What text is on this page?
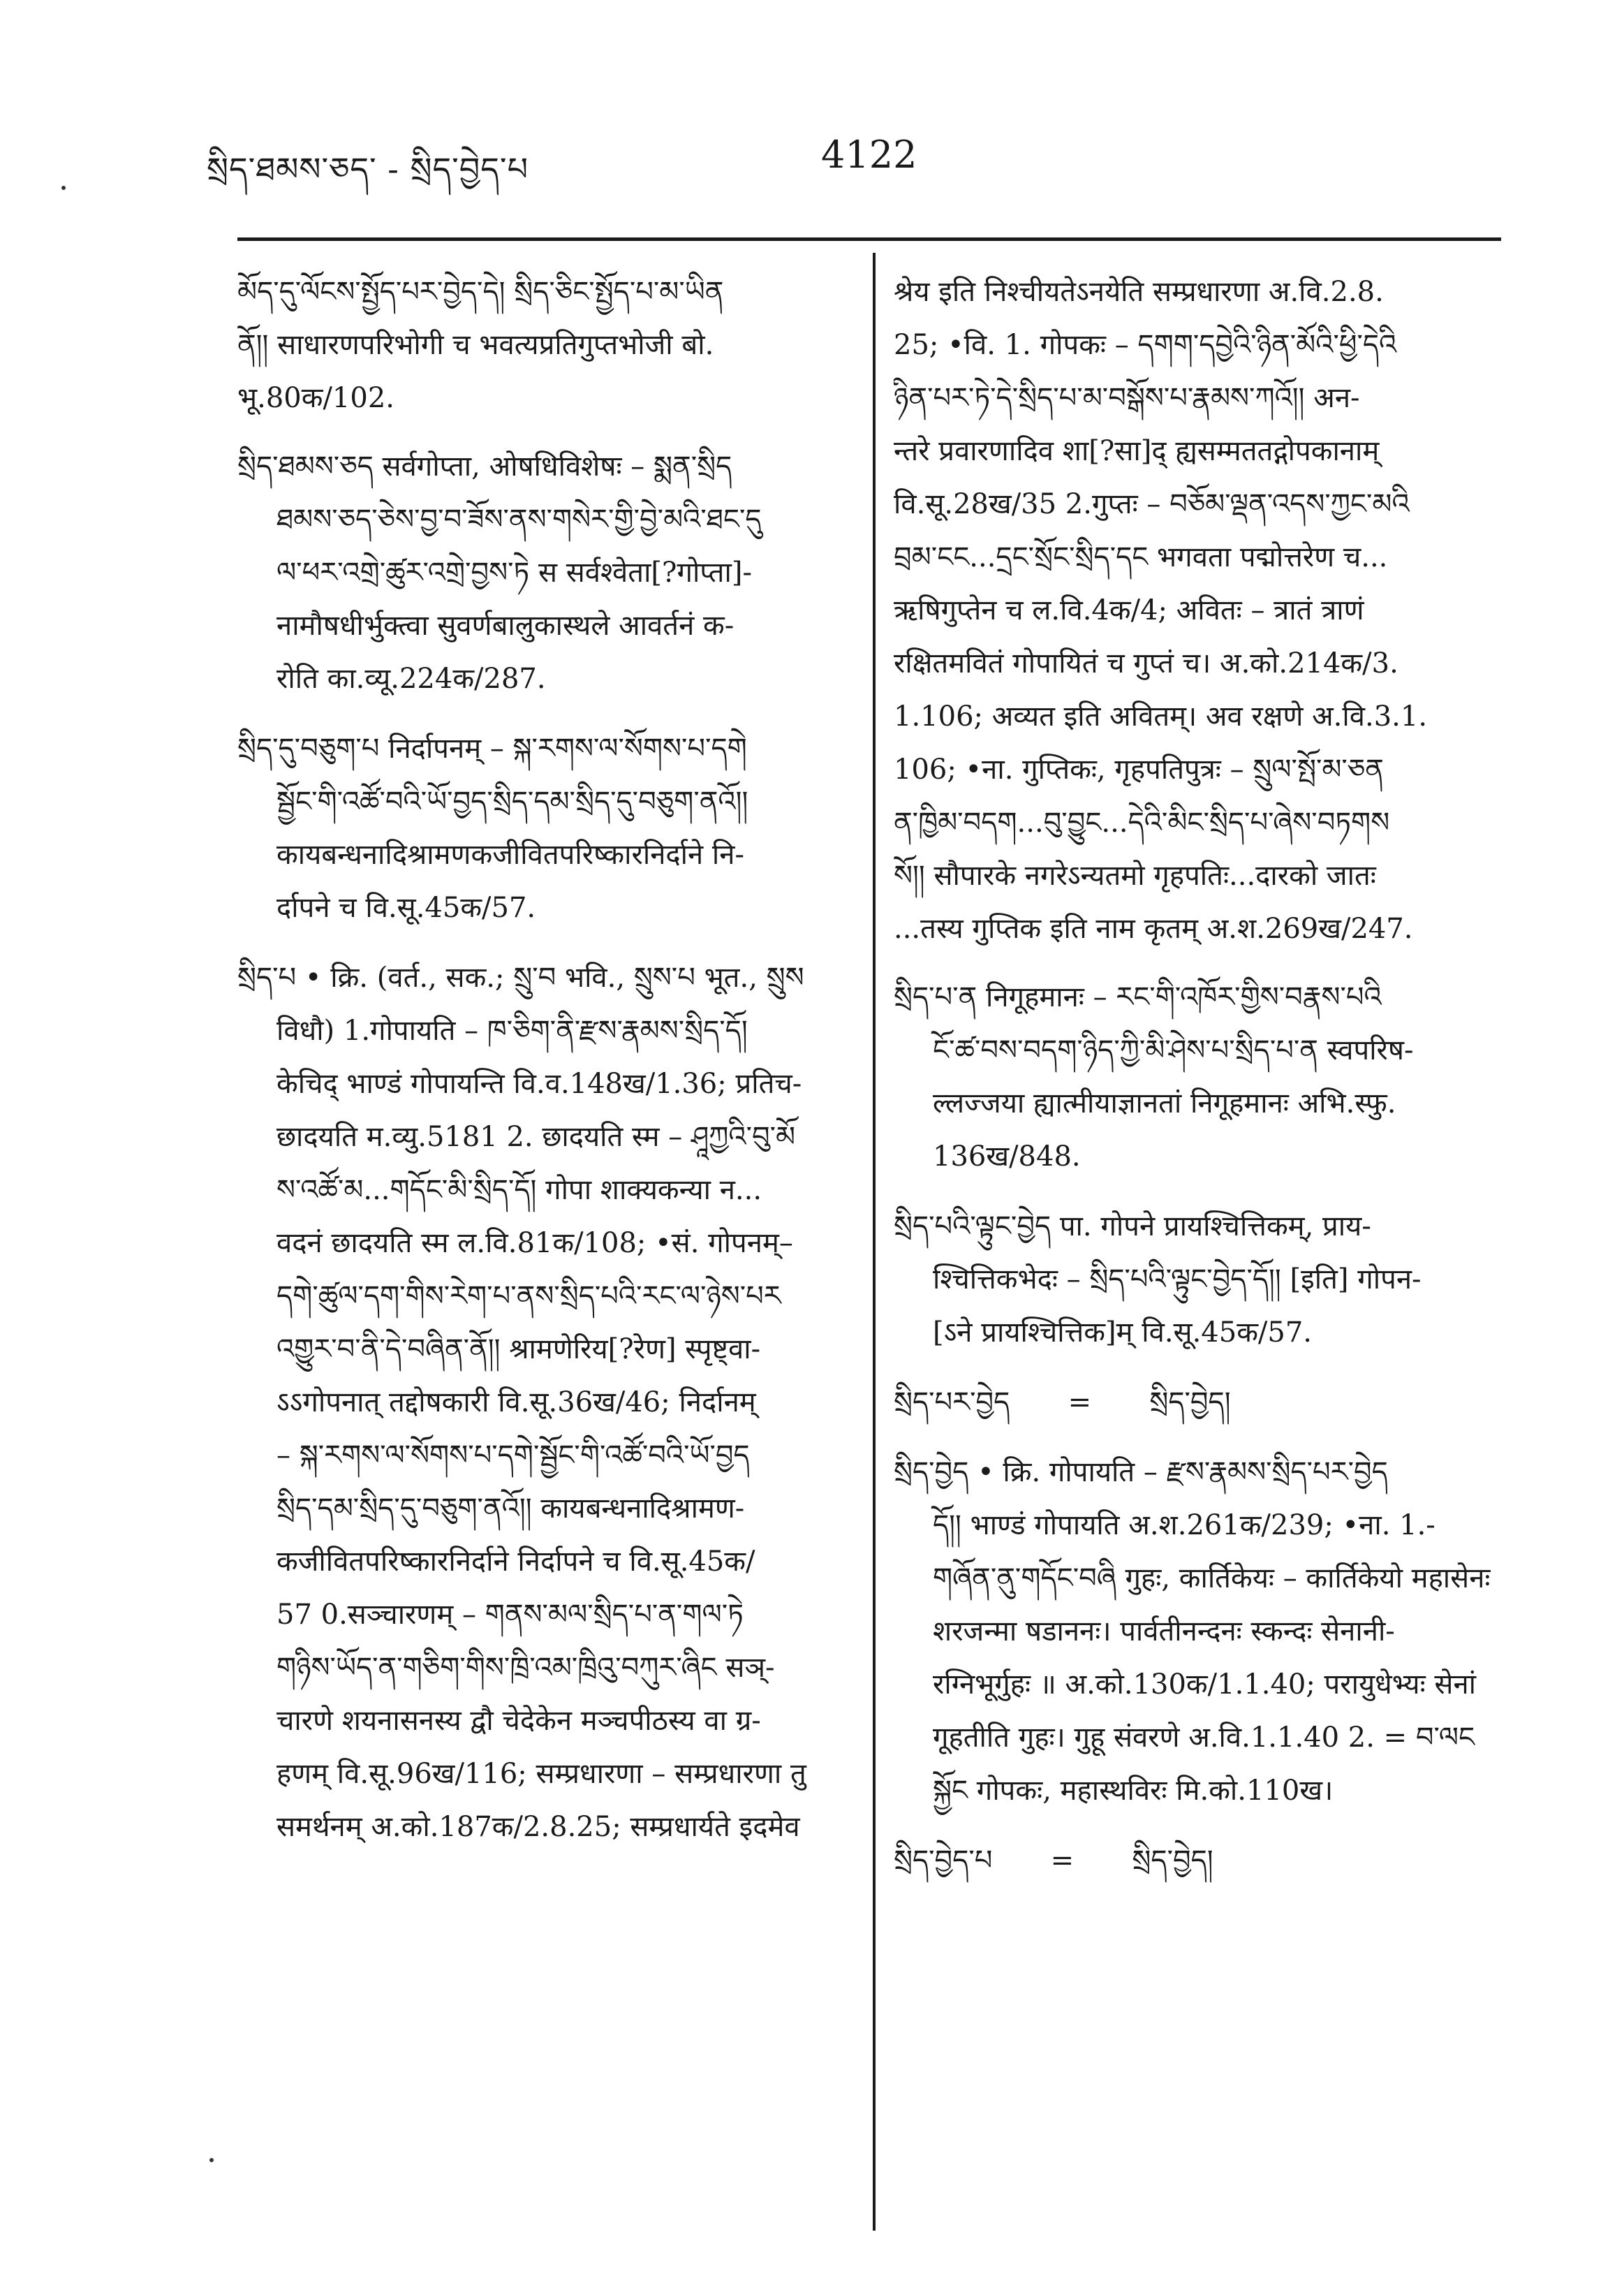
སྲིད་ཐམས་ཅད་ - སྲིད་བྱེད་པ	4122
མོད་དུ་ལོངས་སྤྱོད་པར་བྱེད་དེ། སྲིད་ཅིང་སྤྱོད་པ་མ་ཡིན
ནོ།། साधारणपरिभोगी च भवत्यप्रतिगुप्तभोजी बो.
भू.80क/102.
སྲིད་ཐམས་ཅད सर्वगोप्ता, ओषधिविशेषः – སྨན་སྲིད
ཐམས་ཅད་ཅེས་བྱ་བ་ཟོས་ནས་གསེར་གྱི་བྱེ་མའི་ཐང་དུ
ལ་ཕར་འགྲེ་ཚུར་འགྲེ་བྱས་ཏེ स सर्वश्वेता[?गोप्ता]-
नामौषधीर्भुक्त्वा सुवर्णबालुकास्थले आवर्तनं क-
रोति का.व्यू.224क/287.
སྲིད་དུ་བཅུག་པ निर्दापनम् – སྐ་རགས་ལ་སོགས་པ་དགེ
སྦྱོང་གི་འཚོ་བའི་ཡོ་བྱད་སྲིད་དམ་སྲིད་དུ་བཅུག་ནའོ།།
कायबन्धनादिश्रामणकजीवितपरिष्कारनिर्दाने नि-
र्दापने च वि.सू.45क/57.
སྲིད་པ • क्रि. (वर्त., सक.; སྲུ་བ भवि., སྲུས་པ भूत., སྲུས
विधौ) 1.गोपायति – ཁ་ཅིག་ནི་རྫས་རྣམས་སྲིད་དོ།
केचिद् भाण्डं गोपायन्ति वि.व.148ख/1.36; प्रतिच-
छादयति म.व्यु.5181 2. छादयति स्म – ཤཱཀྱའི་བུ་མོ
ས་འཚོ་མ...གདོང་མི་སྲིད་དོ། गोपा शाक्यकन्या न...
वदनं छादयति स्म ल.वि.81क/108; •सं. गोपनम्–
དགེ་ཚུལ་དག་གིས་རེག་པ་ནས་སྲིད་པའི་རང་ལ་ཉེས་པར
འགྱུར་བ་ནི་དེ་བཞིན་ནོ།། श्रामणेरिय[?रेण] स्पृष्ट्वा-
ऽऽगोपनात् तद्दोषकारी वि.सू.36ख/46; निर्दानम्
– སྐ་རགས་ལ་སོགས་པ་དགེ་སྦྱོང་གི་འཚོ་བའི་ཡོ་བྱད
སྲིད་དམ་སྲིད་དུ་བཅུག་ནའོ།། कायबन्धनादिश्रामण-
कजीवितपरिष्कारनिर्दाने निर्दापने च वि.सू.45क/
57 0.सञ्चारणम् – གནས་མལ་སྲིད་པ་ན་གལ་ཏེ
གཉིས་ཡོད་ན་གཅིག་གིས་ཁྲི་འམ་ཁྲིའུ་བཀུར་ཞིང सञ्-
चारणे शयनासनस्य द्वौ चेदेकेन मञ्चपीठस्य वा ग्र-
हणम् वि.सू.96ख/116; सम्प्रधारणा – सम्प्रधारणा तु
समर्थनम् अ.को.187क/2.8.25; सम्प्रधार्यते इदमेव
श्रेय इति निश्चीयतेऽनयेति सम्प्रधारणा अ.वि.2.8.
25; •वि. 1. गोपकः – དགག་དབྱེའི་ཉིན་མོའི་ཕྱི་དེའི
ཉིན་པར་ཏེ་དེ་སྲིད་པ་མ་བསྒོས་པ་རྣམས་ཀའོ།། अन-
न्तरे प्रवारणादिव शा[?सा]द् ह्यसम्मततद्गोपकानाम्
वि.सू.28ख/35 2.गुप्तः – བཅོམ་ལྡན་འདས་ཀྱང་མའི
བྲམ་ངང...དྲང་སྲོང་སྲིད་དང भगवता पद्मोत्तरेण च...
ऋषिगुप्तेन च ल.वि.4क/4; अवितः – त्रातं त्राणं
रक्षितमवितं गोपायितं च गुप्तं च। अ.को.214क/3.
1.106; अव्यत इति अवितम्। अव रक्षणे अ.वि.3.1.
106; •ना. गुप्तिकः, गृहपतिपुत्रः – སྲུལ་སྤོ་མ་ཅན
ན་ཁྱིམ་བདག...བུ་བྱུང...དེའི་མིང་སྲིད་པ་ཞེས་བཏགས
སོ།། सौपारके नगरेऽन्यतमो गृहपतिः...दारको जातः
...तस्य गुप्तिक इति नाम कृतम् अ.श.269ख/247.
སྲིད་པ་ན निगूहमानः – རང་གི་འཁོར་གྱིས་བརྣས་པའི
ངོ་ཚ་བས་བདག་ཉིད་ཀྱི་མི་ཤེས་པ་སྲིད་པ་ན स्वपरिष-
ल्लज्जया ह्यात्मीयाज्ञानतां निगूहमानः अभि.स्फु.
136ख/848.
སྲིད་པའི་ལྟུང་བྱེད पा. गोपने प्रायश्चित्तिकम्, प्राय-
श्चित्तिकभेदः – སྲིད་པའི་ལྟུང་བྱེད་དོ།། [इति] गोपन-
[ऽने प्रायश्चित्तिक]म् वि.सू.45क/57.
སྲིད་པར་བྱེད = སྲིད་བྱེད།
སྲིད་བྱེད • क्रि. गोपायति – རྫས་རྣམས་སྲིད་པར་བྱེད
དོ།། भाण्डं गोपायति अ.श.261क/239; •ना. 1.-
གཞོན་ནུ་གདོང་བཞི गुहः, कार्तिकेयः – कार्तिकेयो महासेनः
शरजन्मा षडाननः। पार्वतीनन्दनः स्कन्दः सेनानी-
रग्निभूर्गुहः ॥ अ.को.130क/1.1.40; परायुधेभ्यः सेनां
गूहतीति गुहः। गुहू संवरणे अ.वि.1.1.40 2. = བ་ལང
སྐྱོང गोपकः, महास्थविरः मि.को.110ख।
སྲིད་བྱེད་པ = སྲིད་བྱེད།
